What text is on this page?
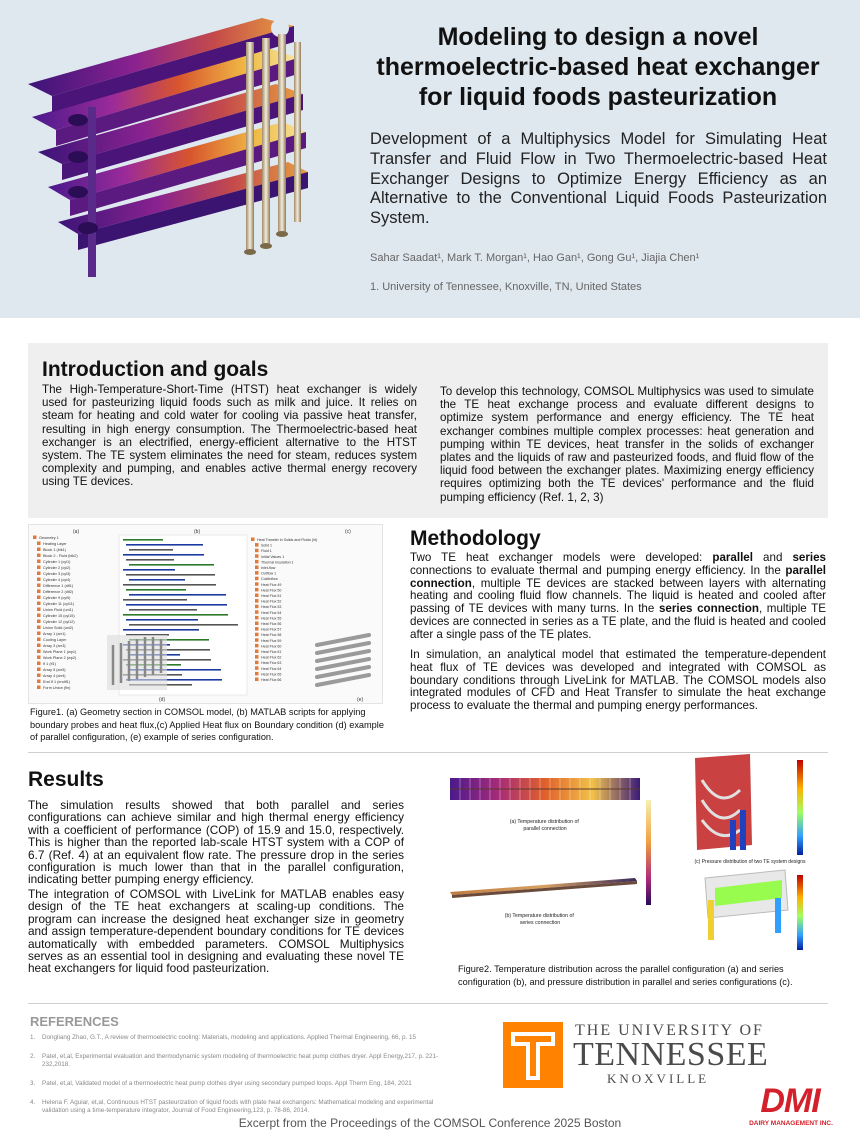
Modeling to design a novel thermoelectric-based heat exchanger for liquid foods pasteurization
Development of a Multiphysics Model for Simulating Heat Transfer and Fluid Flow in Two Thermoelectric-based Heat Exchanger Designs to Optimize Energy Efficiency as an Alternative to the Conventional Liquid Foods Pasteurization System.
Sahar Saadat¹, Mark T. Morgan¹, Hao Gan¹, Gong Gu¹, Jiajia Chen¹
1. University of Tennessee, Knoxville, TN, United States
Introduction and goals

The High-Temperature-Short-Time (HTST) heat exchanger is widely used for pasteurizing liquid foods such as milk and juice. It relies on steam for heating and cold water for cooling via passive heat transfer, resulting in high energy consumption. The Thermoelectric-based heat exchanger is an electrified, energy-efficient alternative to the HTST system. The TE system eliminates the need for steam, reduces system complexity and pumping, and enables active thermal energy recovery using TE devices.

To develop this technology, COMSOL Multiphysics was used to simulate the TE heat exchange process and evaluate different designs to optimize system performance and energy efficiency. The TE heat exchanger combines multiple complex processes: heat generation and pumping within TE devices, heat transfer in the solids of exchanger plates and the liquids of raw and pasteurized foods, and fluid flow of the liquid food between the exchanger plates. Maximizing energy efficiency requires optimizing both the TE devices' performance and the fluid pumping efficiency (Ref. 1, 2, 3)

(a)	(b)	(c)
(d)	(e)
Geometry 1
Heating Layer
Block 1 (blk1)
Block 2 - Fluid (blk2)
Cylinder 1 (cyl1)
Cylinder 2 (cyl2)
Cylinder 3 (cyl3)
Cylinder 4 (cyl4)
Difference 1 (dif1)
Difference 2 (dif2)
Cylinder 9 (cyl9)
Cylinder 11 (cyl11)
Union Fluid (uni1)
Cylinder 15 (cyl15)
Cylinder 12 (cyl12)
Union Solid (uni2)
Array 1 (arr1)
Cooling Layer
Array 3 (arr3)
Work Plane 1 (wp1)
Work Plane 2 (wp2)
If 1 (if1)
Array 5 (arr5)
Array 4 (arr4)
End If 1 (endif1)
Form Union (fin)
Heat Transfer in Solids and Fluids (ht)
Solid 1
Fluid 1
Initial Values 1
Thermal Insulation 1
Inlet-flow
Outflow 1
ColdInflow
Heat Flux 49
Heat Flux 50
Heat Flux 51
Heat Flux 52
Heat Flux 53
Heat Flux 54
Heat Flux 55
Heat Flux 56
Heat Flux 57
Heat Flux 58
Heat Flux 59
Heat Flux 60
Heat Flux 61
Heat Flux 62
Heat Flux 63
Heat Flux 64
Heat Flux 65
Heat Flux 66
Figure1. (a) Geometry section in COMSOL model, (b) MATLAB scripts for applying boundary probes and heat flux,(c) Applied Heat flux on Boundary condition (d) example of parallel configuration, (e) example of series configuration.
Methodology

Two TE heat exchanger models were developed: parallel and series connections to evaluate thermal and pumping energy efficiency. In the parallel connection, multiple TE devices are stacked between layers with alternating heating and cooling fluid flow channels. The liquid is heated and cooled after passing of TE devices with many turns. In the series connection, multiple TE devices are connected in series as a TE plate, and the fluid is heated and cooled after a single pass of the TE plates.

In simulation, an analytical model that estimated the temperature-dependent heat flux of TE devices was developed and integrated with COMSOL as boundary conditions through LiveLink for MATLAB. The COMSOL models also integrated modules of CFD and Heat Transfer to simulate the heat exchange process to evaluate the thermal and pumping energy performances.

Results

The simulation results showed that both parallel and series configurations can achieve similar and high thermal energy efficiency with a coefficient of performance (COP) of 15.9 and 15.0, respectively. This is higher than the reported lab-scale HTST system with a COP of 6.7 (Ref. 4) at an equivalent flow rate. The pressure drop in the series configuration is much lower than that in the parallel configuration, indicating better pumping energy efficiency.

The integration of COMSOL with LiveLink for MATLAB enables easy design of the TE heat exchangers at scaling-up conditions. The program can increase the designed heat exchanger size in geometry and assign temperature-dependent boundary conditions for TE devices automatically with embedded parameters. COMSOL Multiphysics serves as an essential tool in designing and evaluating these novel TE heat exchangers for liquid food pasteurization.

(a) Temperature distribution of parallel connection
(b) Temperature distribution of series connection
(c) Pressure distribution of two TE system designs
Figure2. Temperature distribution across the parallel configuration (a) and series configuration (b), and pressure distribution in parallel and series configurations (c).
REFERENCES
1.	Dongliang Zhao, G.T., A review of thermoelectric cooling: Materials, modeling and applications. Applied Thermal Engineering, 66, p. 15
2.	Patel, et,al, Experimental evaluation and thermodynamic system modeling of thermoelectric heat pump clothes dryer. Appl Energy,217, p. 221-232,2018.
3.	Patel, et,al, Validated model of a thermoelectric heat pump clothes dryer using secondary pumped loops. Appl Therm Eng, 184, 2021
4.	Helena F. Aguiar, et,al, Continuous HTST pasteurization of liquid foods with plate heat exchangers: Mathematical modeling and experimental validation using a time-temperature integrator, Journal of Food Engineering,123, p. 78-86, 2014.
THE UNIVERSITY OF
TENNESSEE
KNOXVILLE
DMI
DAIRY MANAGEMENT INC.
Excerpt from the Proceedings of the COMSOL Conference 2025 Boston
